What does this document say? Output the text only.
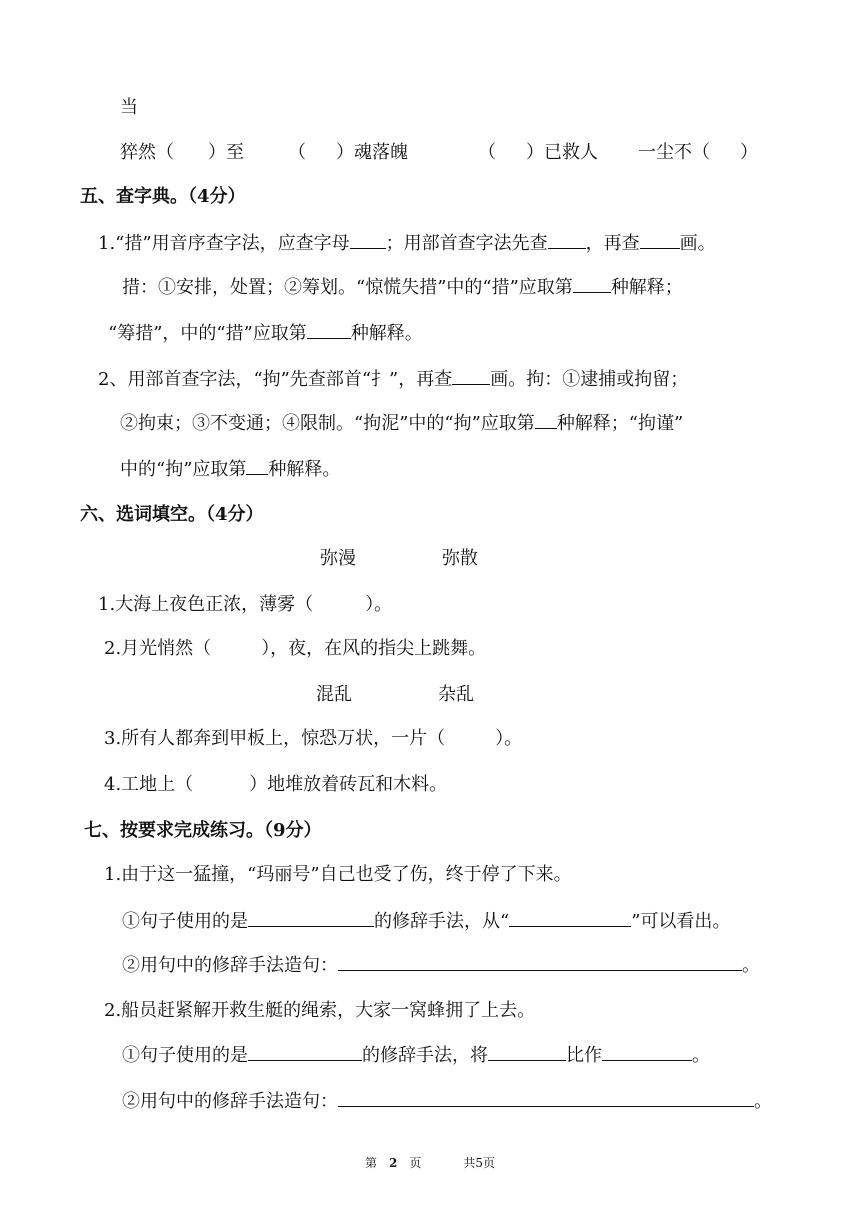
当
猝然（ ）至 （ ）魂落魄	（ ）已救人 一尘不（ ）
五、查字典。（4分）
1.“措”用音序查字法，应查字母 ；用部首查字法先查 ，再查 画。
措：①安排，处置；②筹划。“惊慌失措”中的“措”应取第 种解释；
“筹措”，中的“措”应取第 种解释。
2、用部首查字法，“拘”先查部首“扌”，再查 画。拘：①逮捕或拘留；
②拘束；③不变通；④限制。“拘泥”中的“拘”应取第 种解释；“拘谨”
中的“拘”应取第 种解释。
六、选词填空。（4分）
弥漫	弥散
1.大海上夜色正浓，薄雾（	）。
2.月光悄然（	），夜，在风的指尖上跳舞。
混乱	杂乱
3.所有人都奔到甲板上，惊恐万状，一片（	）。
4.工地上（	）地堆放着砖瓦和木料。
七、按要求完成练习。（9分）
1.由于这一猛撞，“玛丽号”自己也受了伤，终于停了下来。
①句子使用的是	的修辞手法，从“	”可以看出。
②用句中的修辞手法造句：	。
2.船员赶紧解开救生艇的绳索，大家一窝蜂拥了上去。
①句子使用的是	的修辞手法，将	比作	。
②用句中的修辞手法造句：	。
第 2 页	共5页
